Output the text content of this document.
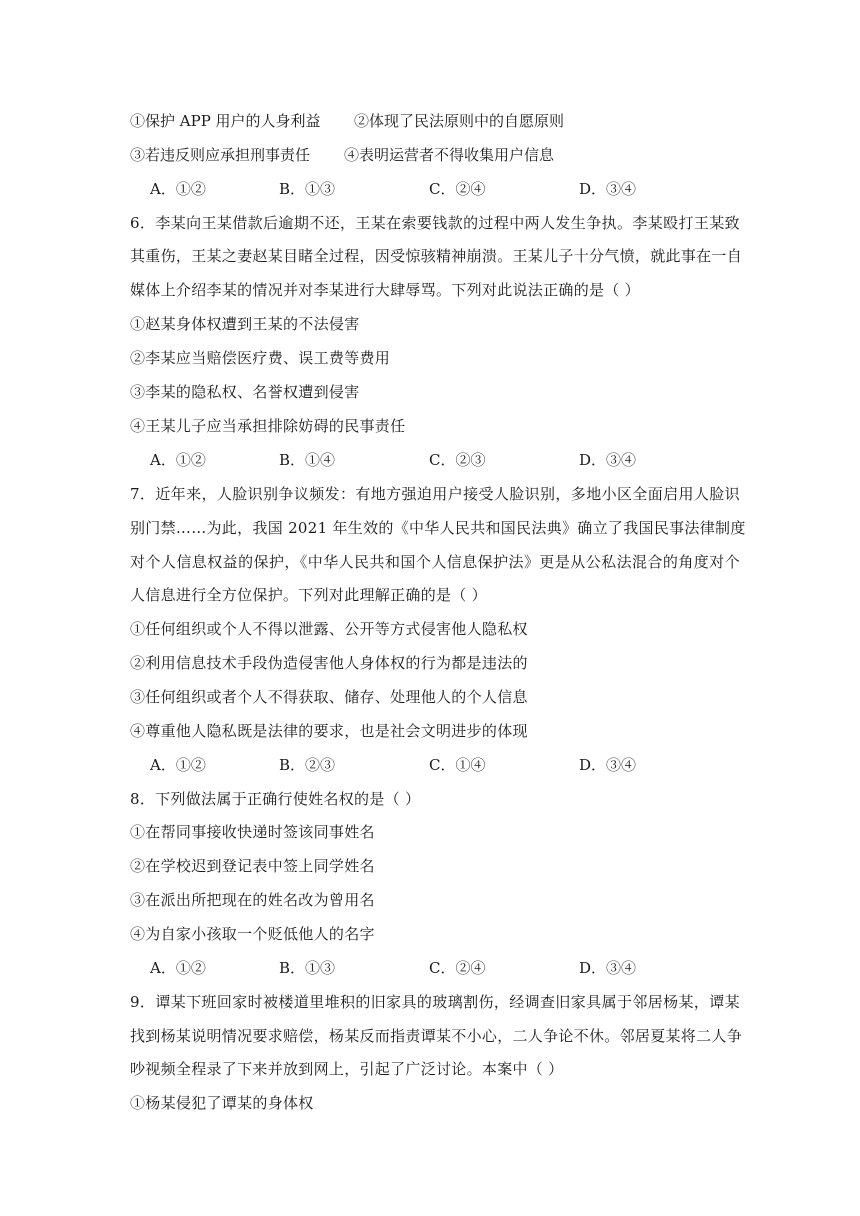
①保护 APP 用户的人身利益 ②体现了民法原则中的自愿原则
③若违反则应承担刑事责任 ④表明运营者不得收集用户信息
A．①②	B．①③	C．②④	D．③④
6．李某向王某借款后逾期不还，王某在索要钱款的过程中两人发生争执。李某殴打王某致
其重伤，王某之妻赵某目睹全过程，因受惊骇精神崩溃。王某儿子十分气愤，就此事在一自
媒体上介绍李某的情况并对李某进行大肆辱骂。下列对此说法正确的是（ ）
①赵某身体权遭到王某的不法侵害
②李某应当赔偿医疗费、误工费等费用
③李某的隐私权、名誉权遭到侵害
④王某儿子应当承担排除妨碍的民事责任
A．①②	B．①④	C．②③	D．③④
7．近年来，人脸识别争议频发：有地方强迫用户接受人脸识别，多地小区全面启用人脸识
别门禁……为此，我国 2021 年生效的《中华人民共和国民法典》确立了我国民事法律制度
对个人信息权益的保护，《中华人民共和国个人信息保护法》更是从公私法混合的角度对个
人信息进行全方位保护。下列对此理解正确的是（ ）
①任何组织或个人不得以泄露、公开等方式侵害他人隐私权
②利用信息技术手段伪造侵害他人身体权的行为都是违法的
③任何组织或者个人不得获取、储存、处理他人的个人信息
④尊重他人隐私既是法律的要求，也是社会文明进步的体现
A．①②	B．②③	C．①④	D．③④
8．下列做法属于正确行使姓名权的是（ ）
①在帮同事接收快递时签该同事姓名
②在学校迟到登记表中签上同学姓名
③在派出所把现在的姓名改为曾用名
④为自家小孩取一个贬低他人的名字
A．①②	B．①③	C．②④	D．③④
9．谭某下班回家时被楼道里堆积的旧家具的玻璃割伤，经调查旧家具属于邻居杨某，谭某
找到杨某说明情况要求赔偿，杨某反而指责谭某不小心，二人争论不休。邻居夏某将二人争
吵视频全程录了下来并放到网上，引起了广泛讨论。本案中（ ）
①杨某侵犯了谭某的身体权
